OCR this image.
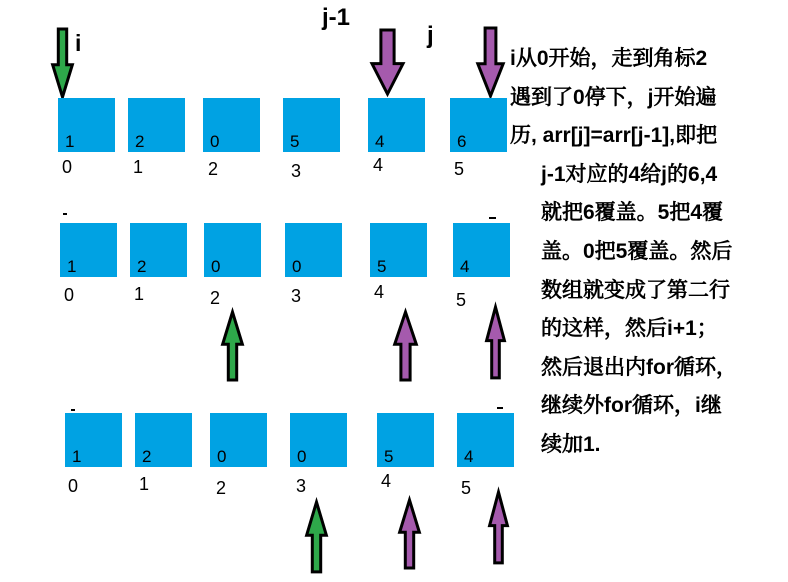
i
j-1
j
1	2	0	5	4	6
0	1	2	3	4	5
1	2	0	0	5	4
0	1	2	3	4	5
1	2	0	0	5	4
0	1	2	3	4	5
i从0开始，走到角标2
遇到了0停下，j开始遍
历, arr[j]=arr[j-1],即把
j-1对应的4给j的6,4
就把6覆盖。5把4覆
盖。0把5覆盖。然后
数组就变成了第二行
的这样，然后i+1；
然后退出内for循环，
继续外for循环，i继
续加1.
